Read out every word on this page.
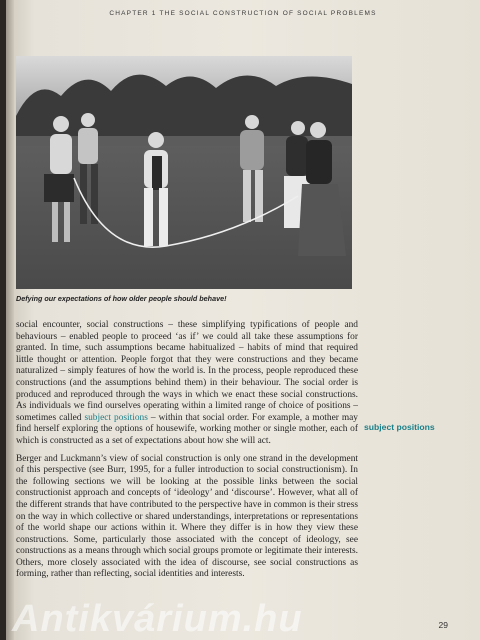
CHAPTER 1 THE SOCIAL CONSTRUCTION OF SOCIAL PROBLEMS
Defying our expectations of how older people should behave!

social encounter, social constructions – these simplifying typifications of people and behaviours – enabled people to proceed ‘as if’ we could all take these assumptions for granted. In time, such assumptions became habitualized – habits of mind that required little thought or attention. People forgot that they were constructions and they became naturalized – simply features of how the world is. In the process, people reproduced these constructions (and the assumptions behind them) in their behaviour. The social order is produced and reproduced through the ways in which we enact these social constructions. As individuals we find ourselves operating within a limited range of choice of positions – sometimes called subject positions – within that social order. For example, a mother may find herself exploring the options of housewife, working mother or single mother, each of which is constructed as a set of expectations about how she will act.

Berger and Luckmann’s view of social construction is only one strand in the development of this perspective (see Burr, 1995, for a fuller introduction to social constructionism). In the following sections we will be looking at the possible links between the social constructionist approach and concepts of ‘ideology’ and ‘discourse’. However, what all of the different strands that have contributed to the perspective have in common is their stress on the way in which collective or shared understandings, interpretations or representations of the world shape our actions within it. Where they differ is in how they view these constructions. Some, particularly those associated with the concept of ideology, see constructions as a means through which social groups promote or legitimate their interests. Others, more closely associated with the idea of discourse, see social constructions as forming, rather than reflecting, social identities and interests.

subject positions
Antikvárium.hu	29
